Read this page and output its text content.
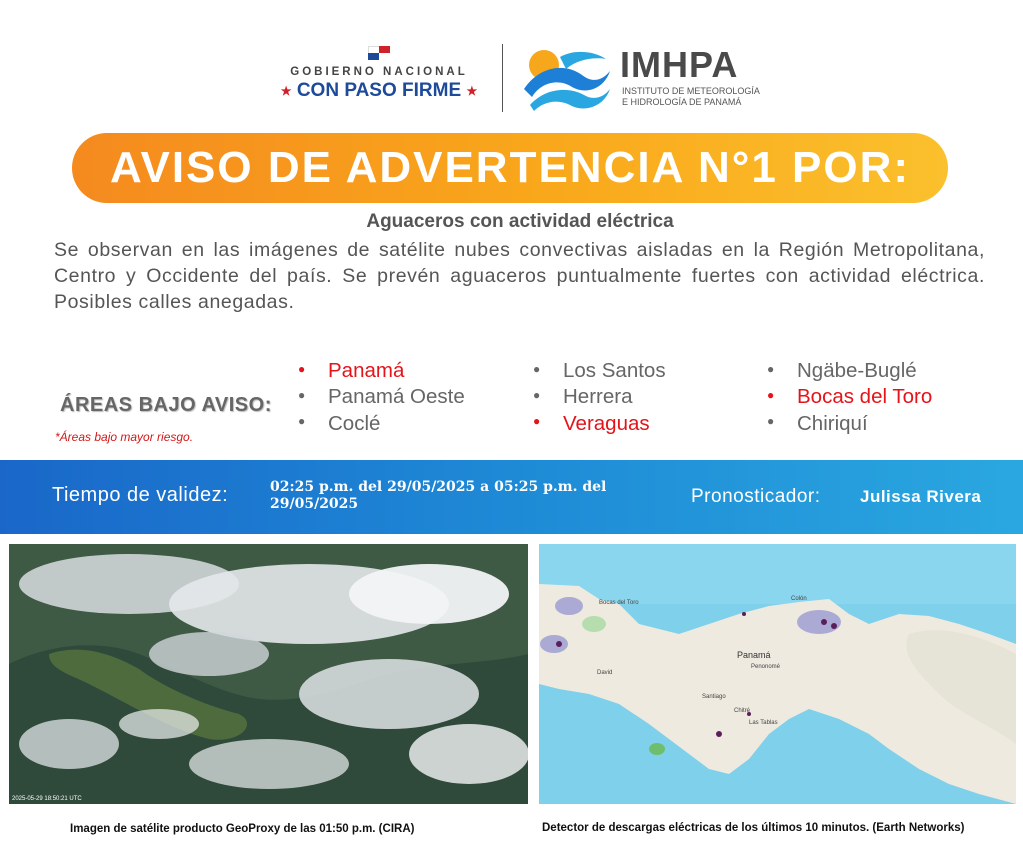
GOBIERNO NACIONAL
★ CON PASO FIRME ★
IMHPA
INSTITUTO DE METEOROLOGÍA
E HIDROLOGÍA DE PANAMÁ
AVISO DE ADVERTENCIA N°1 POR:
Aguaceros con actividad eléctrica
Se observan en las imágenes de satélite nubes convectivas aisladas en la Región Metropolitana, Centro y Occidente del país. Se prevén aguaceros puntualmente fuertes con actividad eléctrica. Posibles calles anegadas.
ÁREAS BAJO AVISO:
*Áreas bajo mayor riesgo.
● Panamá
● Panamá Oeste
● Coclé
● Los Santos
● Herrera
● Veraguas
● Ngäbe-Buglé
● Bocas del Toro
● Chiriquí
Tiempo de validez:	02:25 p.m. del 29/05/2025 a 05:25 p.m. del 29/05/2025	Pronosticador: Julissa Rivera
2025-05-29 18:50:21 UTC
Panamá
Santiago
Las Tablas
Chitré
Penonomé
Colón
David
Bocas del Toro
Imagen de satélite producto GeoProxy de las 01:50 p.m. (CIRA)	Detector de descargas eléctricas de los últimos 10 minutos. (Earth Networks)
